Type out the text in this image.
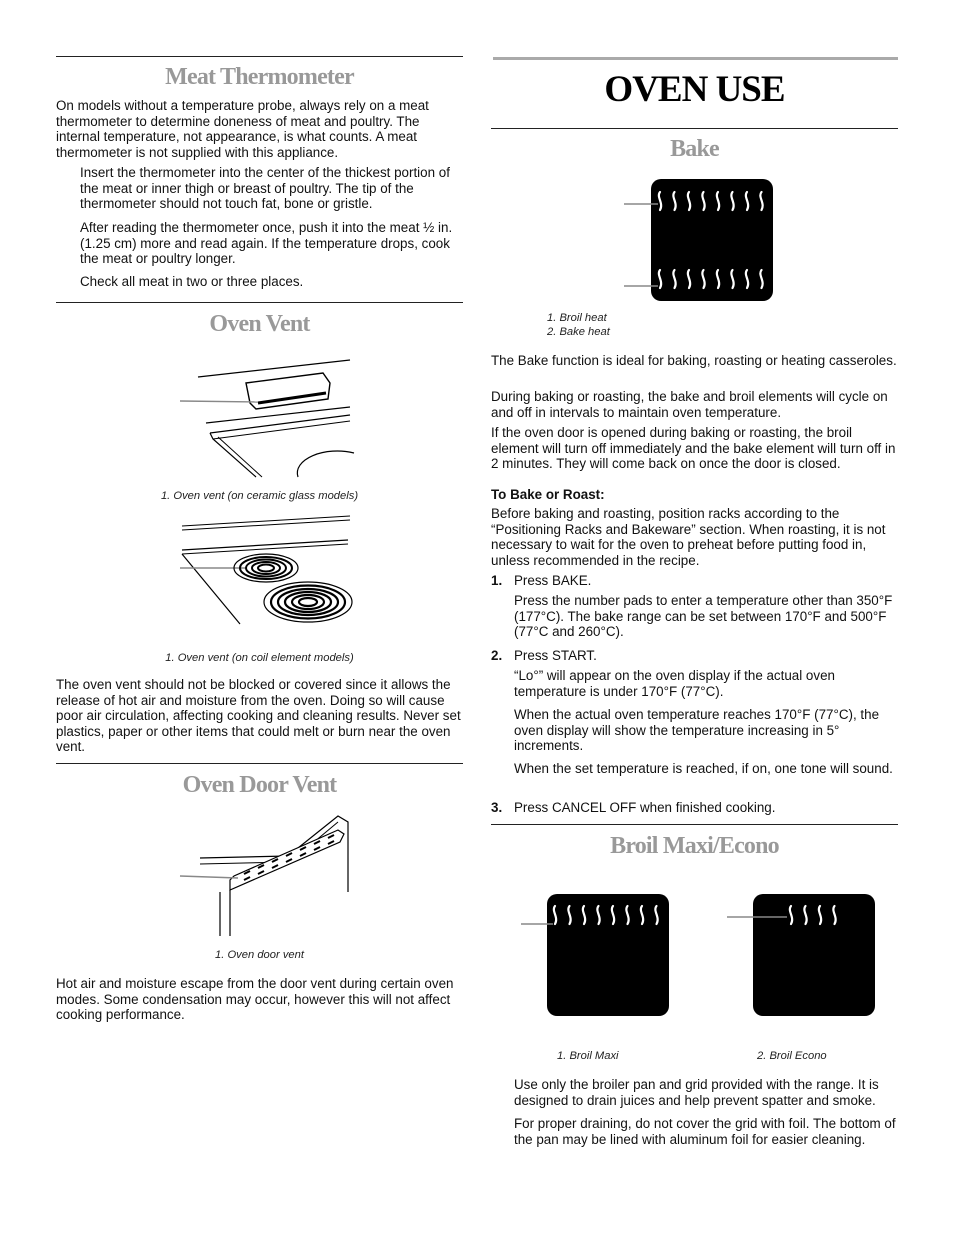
Meat Thermometer

On models without a temperature probe, always rely on a meat thermometer to determine doneness of meat and poultry. The internal temperature, not appearance, is what counts. A meat thermometer is not supplied with this appliance.

Insert the thermometer into the center of the thickest portion of the meat or inner thigh or breast of poultry. The tip of the thermometer should not touch fat, bone or gristle.

After reading the thermometer once, push it into the meat ½ in. (1.25 cm) more and read again. If the temperature drops, cook the meat or poultry longer.

Check all meat in two or three places.

Oven Vent
1. Oven vent (on ceramic glass models)
1. Oven vent (on coil element models)

The oven vent should not be blocked or covered since it allows the release of hot air and moisture from the oven. Doing so will cause poor air circulation, affecting cooking and cleaning results. Never set plastics, paper or other items that could melt or burn near the oven vent.

Oven Door Vent
1. Oven door vent

Hot air and moisture escape from the door vent during certain oven modes. Some condensation may occur, however this will not affect cooking performance.

OVEN USE
Bake
1. Broil heat
2. Bake heat

The Bake function is ideal for baking, roasting or heating casseroles.

During baking or roasting, the bake and broil elements will cycle on and off in intervals to maintain oven temperature.

If the oven door is opened during baking or roasting, the broil element will turn off immediately and the bake element will turn off in 2 minutes. They will come back on once the door is closed.

To Bake or Roast:

Before baking and roasting, position racks according to the “Positioning Racks and Bakeware” section. When roasting, it is not necessary to wait for the oven to preheat before putting food in, unless recommended in the recipe.

1. Press BAKE.

Press the number pads to enter a temperature other than 350°F (177°C). The bake range can be set between 170°F and 500°F (77°C and 260°C).

2. Press START.

“Lo°” will appear on the oven display if the actual oven temperature is under 170°F (77°C).

When the actual oven temperature reaches 170°F (77°C), the oven display will show the temperature increasing in 5° increments.

When the set temperature is reached, if on, one tone will sound.

3. Press CANCEL OFF when finished cooking.

Broil Maxi/Econo
1. Broil Maxi	2. Broil Econo

Use only the broiler pan and grid provided with the range. It is designed to drain juices and help prevent spatter and smoke.

For proper draining, do not cover the grid with foil. The bottom of the pan may be lined with aluminum foil for easier cleaning.
